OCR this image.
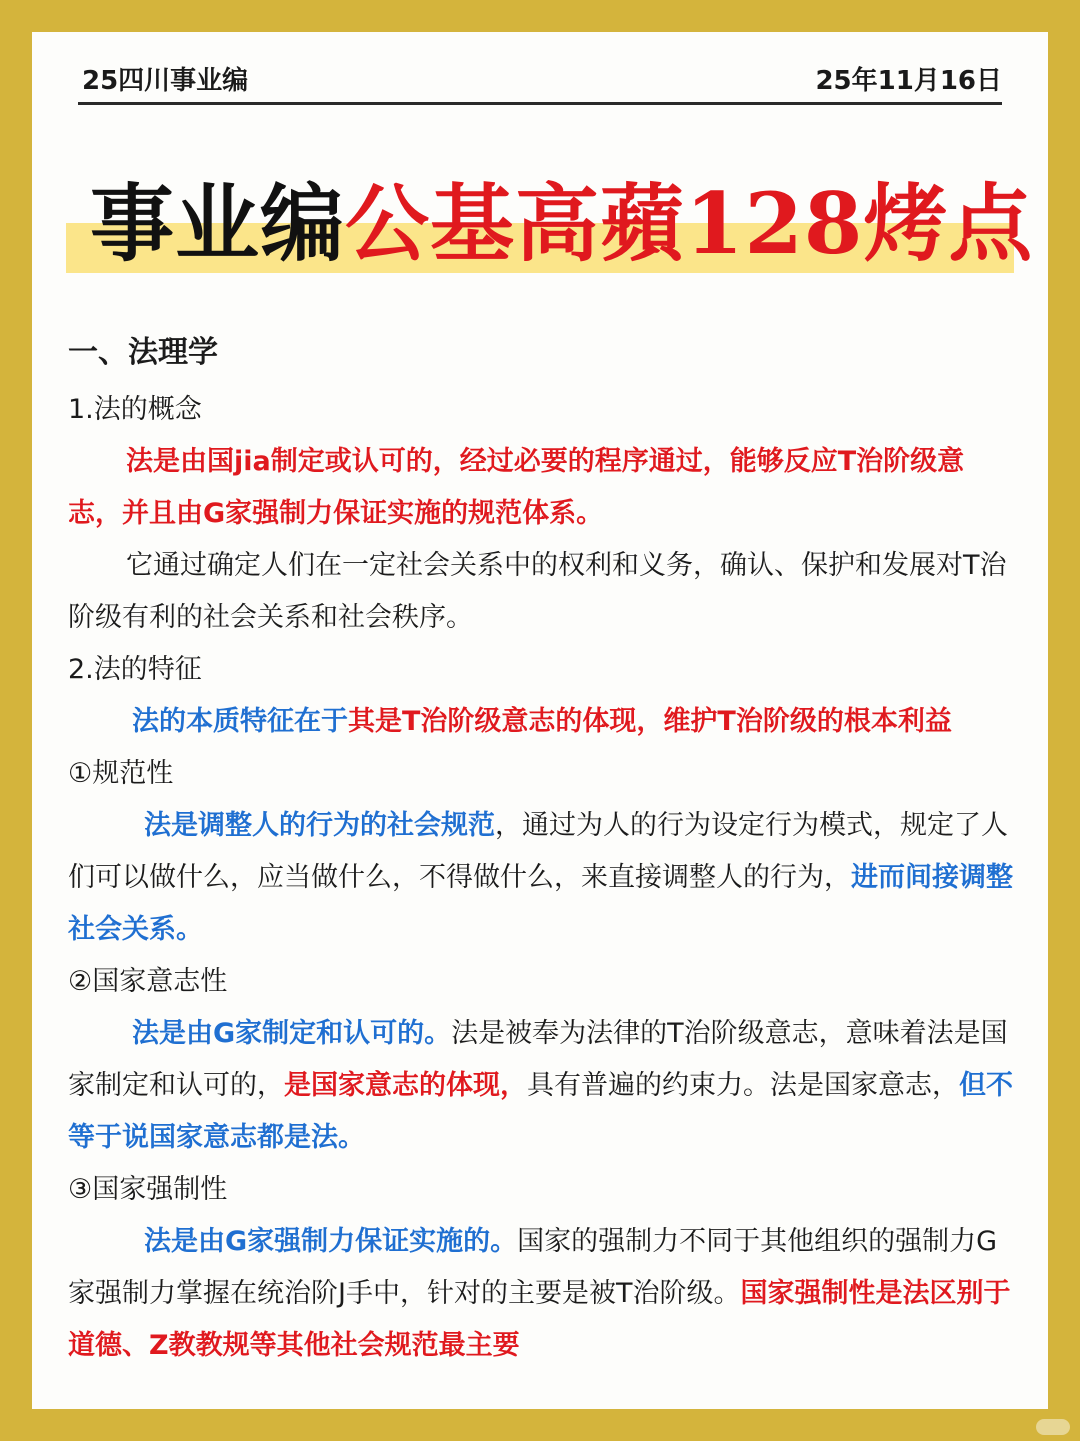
25四川事业编	25年11月16日
事业编公基高蘋128烤点

一、法理学

1.法的概念

法是由国jia制定或认可的，经过必要的程序通过，能够反应T治阶级意志，并且由G家强制力保证实施的规范体系。

它通过确定人们在一定社会关系中的权利和义务，确认、保护和发展对T治阶级有利的社会关系和社会秩序。

2.法的特征

法的本质特征在于其是T治阶级意志的体现，维护T治阶级的根本利益

①规范性

法是调整人的行为的社会规范，通过为人的行为设定行为模式，规定了人们可以做什么，应当做什么，不得做什么，来直接调整人的行为，进而间接调整社会关系。

②国家意志性

法是由G家制定和认可的。法是被奉为法律的T治阶级意志，意味着法是国家制定和认可的，是国家意志的体现，具有普遍的约束力。法是国家意志，但不等于说国家意志都是法。

③国家强制性

法是由G家强制力保证实施的。国家的强制力不同于其他组织的强制力G家强制力掌握在统治阶J手中，针对的主要是被T治阶级。国家强制性是法区别于道德、Z教教规等其他社会规范最主要
